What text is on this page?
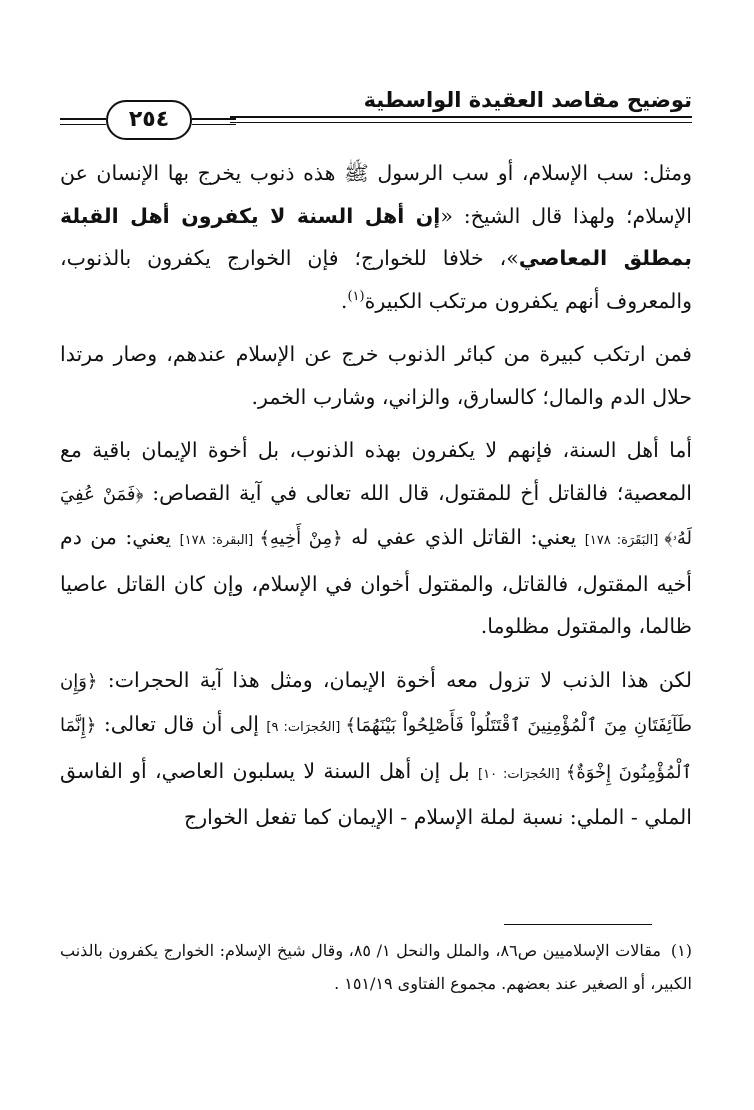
٢٥٤
توضيح مقاصد العقيدة الواسطية

ومثل: سب الإسلام، أو سب الرسول ﷺ هذه ذنوب يخرج بها الإنسان عن الإسلام؛ ولهذا قال الشيخ: «إن أهل السنة لا يكفرون أهل القبلة بمطلق المعاصي»، خلافا للخوارج؛ فإن الخوارج يكفرون بالذنوب، والمعروف أنهم يكفرون مرتكب الكبيرة$^{(١)}$.

فمن ارتكب كبيرة من كبائر الذنوب خرج عن الإسلام عندهم، وصار مرتدا حلال الدم والمال؛ كالسارق، والزاني، وشارب الخمر.

أما أهل السنة، فإنهم لا يكفرون بهذه الذنوب، بل أخوة الإيمان باقية مع المعصية؛ فالقاتل أخ للمقتول، قال الله تعالى في آية القصاص: ﴿فَمَنْ عُفِيَ لَهُۥ﴾ [البَقَرَة: ١٧٨] يعني: القاتل الذي عفي له ﴿مِنْ أَخِيهِ﴾ [البقرة: ١٧٨] يعني: من دم أخيه المقتول، فالقاتل، والمقتول أخوان في الإسلام، وإن كان القاتل عاصيا ظالما، والمقتول مظلوما.

لكن هذا الذنب لا تزول معه أخوة الإيمان، ومثل هذا آية الحجرات: ﴿وَإِن طَآئِفَتَانِ مِنَ ٱلْمُؤْمِنِينَ ٱقْتَتَلُواْ فَأَصْلِحُواْ بَيْنَهُمَا﴾ [الحُجرَات: ٩] إلى أن قال تعالى: ﴿إِنَّمَا ٱلْمُؤْمِنُونَ إِخْوَةٌ﴾ [الحُجرَات: ١٠] بل إن أهل السنة لا يسلبون العاصي، أو الفاسق الملي - الملي: نسبة لملة الإسلام - الإيمان كما تفعل الخوارج

(١)مقالات الإسلاميين ص٨٦، والملل والنحل ١/ ٨٥، وقال شيخ الإسلام: الخوارج يكفرون بالذنب الكبير، أو الصغير عند بعضهم. مجموع الفتاوى ١٥١/١٩ .
